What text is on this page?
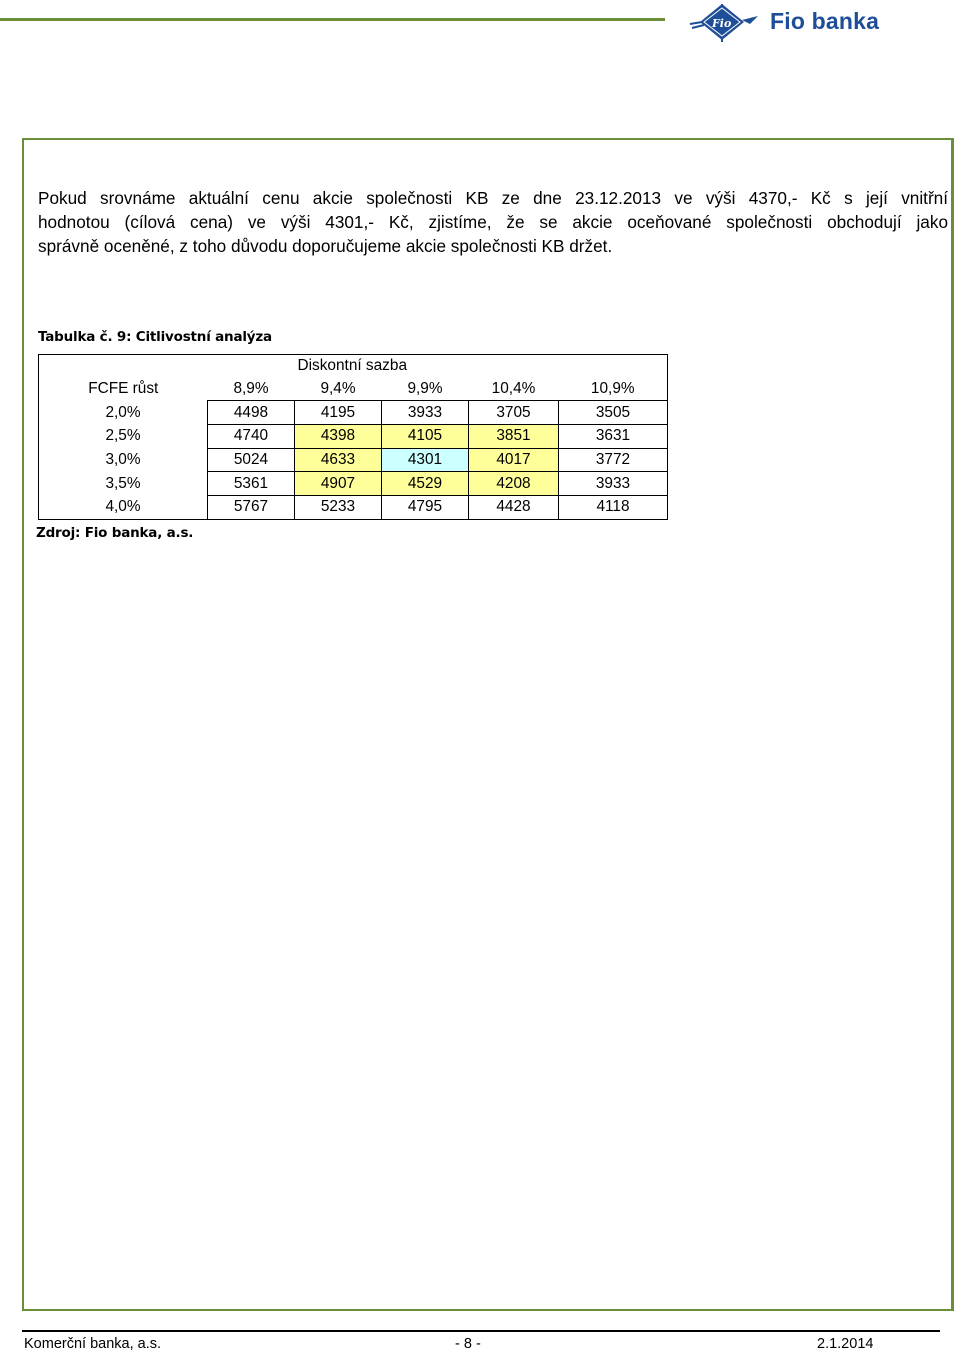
Fio Fio banka
Pokud srovnáme aktuální cenu akcie společnosti KB ze dne 23.12.2013 ve výši 4370,- Kč s její vnitřní
hodnotou (cílová cena) ve výši 4301,- Kč, zjistíme, že se akcie oceňované společnosti obchodují jako
správně oceněné, z toho důvodu doporučujeme akcie společnosti KB držet.
Tabulka č. 9: Citlivostní analýza
	Diskontní sazba				
FCFE růst	8,9%	9,4%	9,9%	10,4%	10,9%
2,0%	4498	4195	3933	3705	3505
2,5%	4740	4398	4105	3851	3631
3,0%	5024	4633	4301	4017	3772
3,5%	5361	4907	4529	4208	3933
4,0%	5767	5233	4795	4428	4118
Zdroj: Fio banka, a.s.
Komerční banka, a.s.	- 8 -	2.1.2014
